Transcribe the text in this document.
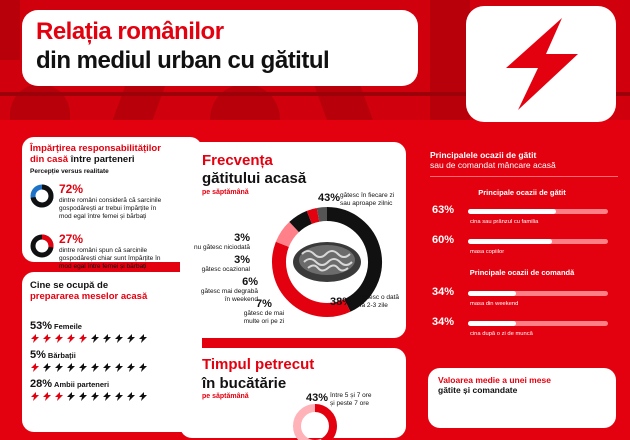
Relația românilor
din mediul urban cu gătitul
Împărțirea responsabilităților
din casă între parteneri
Percepție versus realitate
72%
dintre români consideră că sarcinile
gospodărești ar trebui împărțite în
mod egal între femei și bărbați
27%
dintre români spun că sarcinile
gospodărești chiar sunt împărțite în
mod egal între femei și bărbați
Cine se ocupă de
prepararea meselor acasă
53% Femeile
5% Bărbații
28% Ambii parteneri
Frecvența
gătitului acasă
pe săptămână	43% gătesc în fiecare zi
sau aproape zilnic
38% gătesc o dată
la 2-3 zile
7%
gătesc de mai
multe ori pe zi
6%
gătesc mai degrabă
în weekend
3%
gătesc ocazional
3%
nu gătesc niciodată
Timpul petrecut
în bucătărie
pe săptămână	43% între 5 și 7 ore
și peste 7 ore
Principalele ocazii de gătit
sau de comandat mâncare acasă
Principale ocazii de gătit
63%
cina sau prânzul cu familia
60%
masa copiilor
Principale ocazii de comandă
34%
masa din weekend
34%
cina după o zi de muncă
Valoarea medie a unei mese
gătite și comandate
